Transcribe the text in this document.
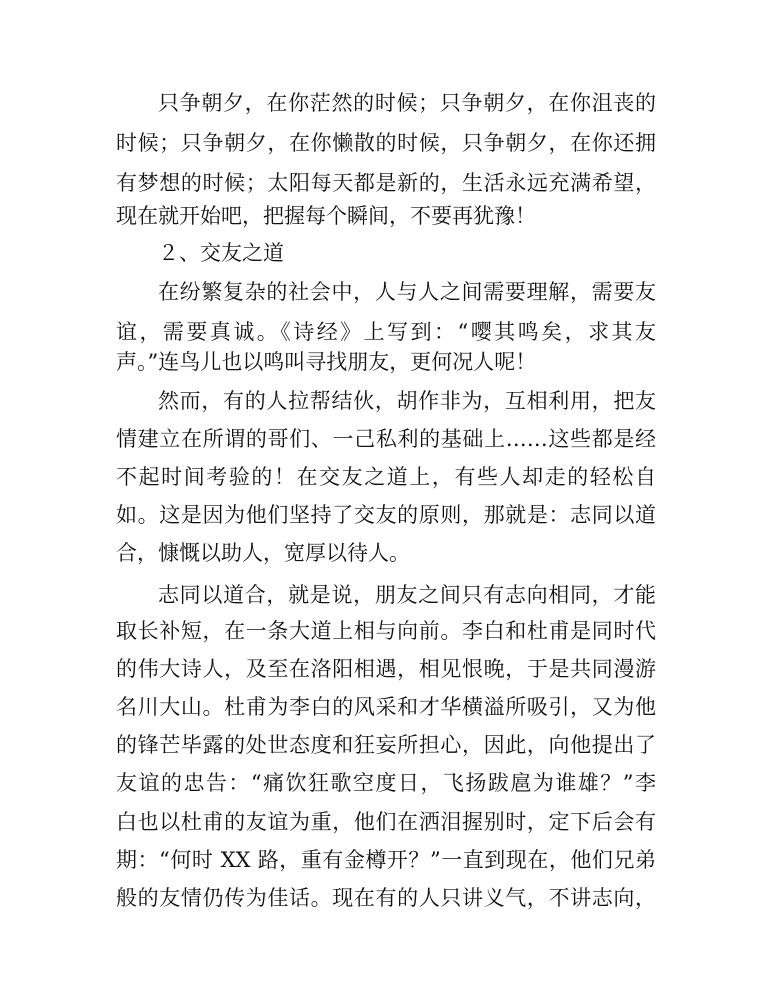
只争朝夕，在你茫然的时候；只争朝夕，在你沮丧的

时候；只争朝夕，在你懒散的时候，只争朝夕，在你还拥

有梦想的时候；太阳每天都是新的，生活永远充满希望，

现在就开始吧，把握每个瞬间，不要再犹豫！

２、交友之道

在纷繁复杂的社会中，人与人之间需要理解，需要友

谊，需要真诚。《诗经》上写到：“嘤其鸣矣，求其友

声。”连鸟儿也以鸣叫寻找朋友，更何况人呢！

然而，有的人拉帮结伙，胡作非为，互相利用，把友

情建立在所谓的哥们、一己私利的基础上……这些都是经

不起时间考验的！在交友之道上，有些人却走的轻松自

如。这是因为他们坚持了交友的原则，那就是：志同以道

合，慷慨以助人，宽厚以待人。

志同以道合，就是说，朋友之间只有志向相同，才能

取长补短，在一条大道上相与向前。李白和杜甫是同时代

的伟大诗人，及至在洛阳相遇，相见恨晚，于是共同漫游

名川大山。杜甫为李白的风采和才华横溢所吸引，又为他

的锋芒毕露的处世态度和狂妄所担心，因此，向他提出了

友谊的忠告：“痛饮狂歌空度日，飞扬跋扈为谁雄？”李

白也以杜甫的友谊为重，他们在洒泪握别时，定下后会有

期：“何时 XX 路，重有金樽开？”一直到现在，他们兄弟

般的友情仍传为佳话。现在有的人只讲义气，不讲志向，
